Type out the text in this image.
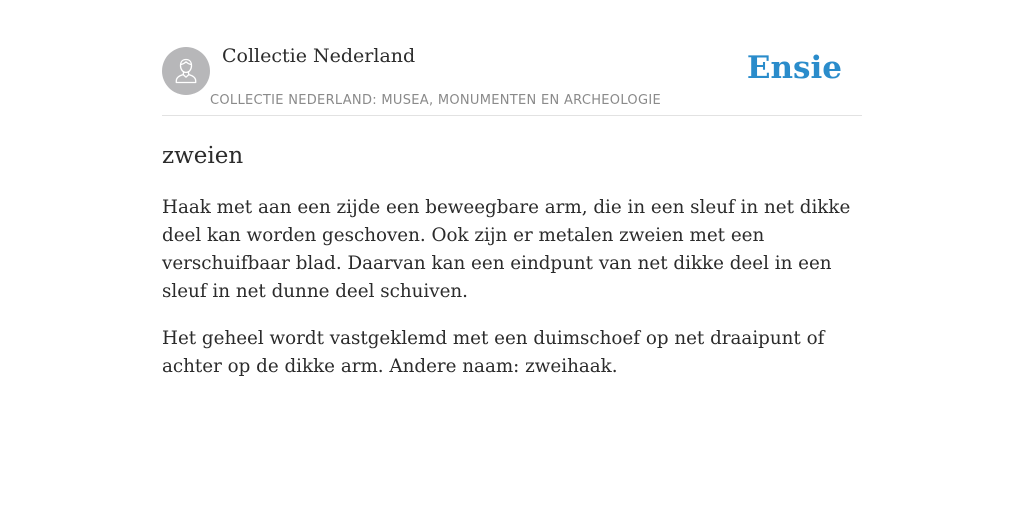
Collectie Nederland
COLLECTIE NEDERLAND: MUSEA, MONUMENTEN EN ARCHEOLOGIE
Ensie
zweien

Haak met aan een zijde een beweegbare arm, die in een sleuf in net dikke deel kan worden geschoven. Ook zijn er metalen zweien met een verschuifbaar blad. Daarvan kan een eindpunt van net dikke deel in een sleuf in net dunne deel schuiven.

Het geheel wordt vastgeklemd met een duimschoef op net draaipunt of achter op de dikke arm. Andere naam: zweihaak.
